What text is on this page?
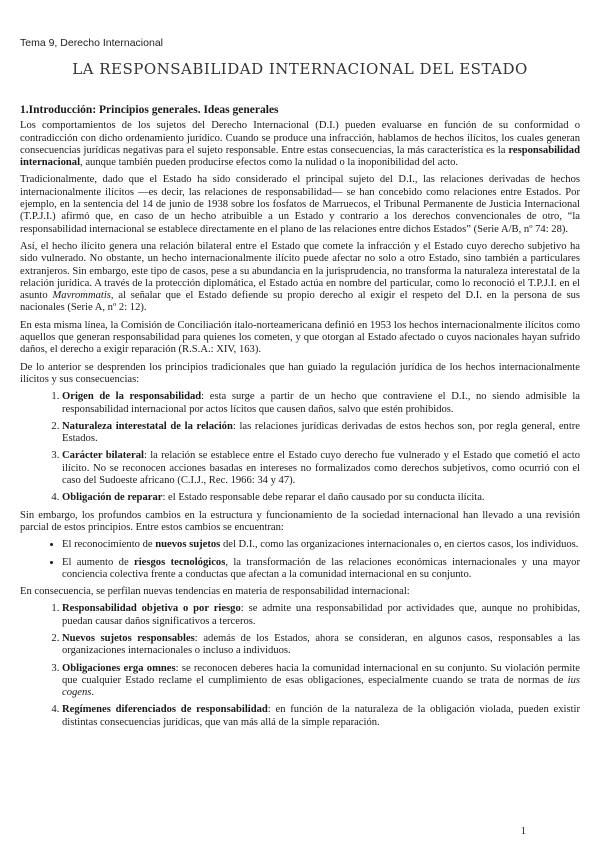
Tema 9, Derecho Internacional
LA RESPONSABILIDAD INTERNACIONAL DEL ESTADO
1.Introducción: Principios generales. Ideas generales

Los comportamientos de los sujetos del Derecho Internacional (D.I.) pueden evaluarse en función de su conformidad o contradicción con dicho ordenamiento jurídico. Cuando se produce una infracción, hablamos de hechos ilícitos, los cuales generan consecuencias jurídicas negativas para el sujeto responsable. Entre estas consecuencias, la más característica es la responsabilidad internacional, aunque también pueden producirse efectos como la nulidad o la inoponibilidad del acto.

Tradicionalmente, dado que el Estado ha sido considerado el principal sujeto del D.I., las relaciones derivadas de hechos internacionalmente ilícitos —es decir, las relaciones de responsabilidad— se han concebido como relaciones entre Estados. Por ejemplo, en la sentencia del 14 de junio de 1938 sobre los fosfatos de Marruecos, el Tribunal Permanente de Justicia Internacional (T.P.J.I.) afirmó que, en caso de un hecho atribuible a un Estado y contrario a los derechos convencionales de otro, “la responsabilidad internacional se establece directamente en el plano de las relaciones entre dichos Estados” (Serie A/B, nº 74: 28).

Así, el hecho ilícito genera una relación bilateral entre el Estado que comete la infracción y el Estado cuyo derecho subjetivo ha sido vulnerado. No obstante, un hecho internacionalmente ilícito puede afectar no solo a otro Estado, sino también a particulares extranjeros. Sin embargo, este tipo de casos, pese a su abundancia en la jurisprudencia, no transforma la naturaleza interestatal de la relación jurídica. A través de la protección diplomática, el Estado actúa en nombre del particular, como lo reconoció el T.P.J.I. en el asunto Mavrommatis, al señalar que el Estado defiende su propio derecho al exigir el respeto del D.I. en la persona de sus nacionales (Serie A, nº 2: 12).

En esta misma línea, la Comisión de Conciliación ítalo-norteamericana definió en 1953 los hechos internacionalmente ilícitos como aquellos que generan responsabilidad para quienes los cometen, y que otorgan al Estado afectado o cuyos nacionales hayan sufrido daños, el derecho a exigir reparación (R.S.A.: XIV, 163).

De lo anterior se desprenden los principios tradicionales que han guiado la regulación jurídica de los hechos internacionalmente ilícitos y sus consecuencias:

1. Origen de la responsabilidad: esta surge a partir de un hecho que contraviene el D.I., no siendo admisible la responsabilidad internacional por actos lícitos que causen daños, salvo que estén prohibidos.
2. Naturaleza interestatal de la relación: las relaciones jurídicas derivadas de estos hechos son, por regla general, entre Estados.
3. Carácter bilateral: la relación se establece entre el Estado cuyo derecho fue vulnerado y el Estado que cometió el acto ilícito. No se reconocen acciones basadas en intereses no formalizados como derechos subjetivos, como ocurrió con el caso del Sudoeste africano (C.I.J., Rec. 1966: 34 y 47).
4. Obligación de reparar: el Estado responsable debe reparar el daño causado por su conducta ilícita.

Sin embargo, los profundos cambios en la estructura y funcionamiento de la sociedad internacional han llevado a una revisión parcial de estos principios. Entre estos cambios se encuentran:

• El reconocimiento de nuevos sujetos del D.I., como las organizaciones internacionales o, en ciertos casos, los individuos.
• El aumento de riesgos tecnológicos, la transformación de las relaciones económicas internacionales y una mayor conciencia colectiva frente a conductas que afectan a la comunidad internacional en su conjunto.

En consecuencia, se perfilan nuevas tendencias en materia de responsabilidad internacional:

1. Responsabilidad objetiva o por riesgo: se admite una responsabilidad por actividades que, aunque no prohibidas, puedan causar daños significativos a terceros.
2. Nuevos sujetos responsables: además de los Estados, ahora se consideran, en algunos casos, responsables a las organizaciones internacionales o incluso a individuos.
3. Obligaciones erga omnes: se reconocen deberes hacia la comunidad internacional en su conjunto. Su violación permite que cualquier Estado reclame el cumplimiento de esas obligaciones, especialmente cuando se trata de normas de ius cogens.
4. Regímenes diferenciados de responsabilidad: en función de la naturaleza de la obligación violada, pueden existir distintas consecuencias jurídicas, que van más allá de la simple reparación.
1
